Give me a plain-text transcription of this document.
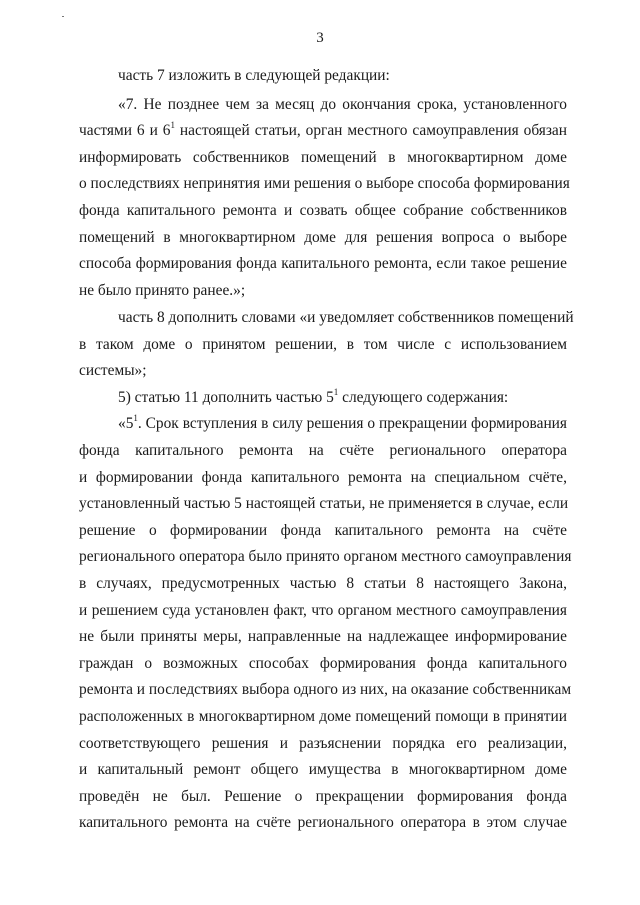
3
часть 7 изложить в следующей редакции:
«7. Не позднее чем за месяц до окончания срока, установленного
частями 6 и $6^1$ настоящей статьи, орган местного самоуправления обязан
информировать собственников помещений в многоквартирном доме
о последствиях непринятия ими решения о выборе способа формирования
фонда капитального ремонта и созвать общее собрание собственников
помещений в многоквартирном доме для решения вопроса о выборе
способа формирования фонда капитального ремонта, если такое решение
не было принято ранее.»;
часть 8 дополнить словами «и уведомляет собственников помещений
в таком доме о принятом решении, в том числе с использованием
системы»;
5) статью 11 дополнить частью $5^1$ следующего содержания:
«$5^1$. Срок вступления в силу решения о прекращении формирования
фонда капитального ремонта на счёте регионального оператора
и формировании фонда капитального ремонта на специальном счёте,
установленный частью 5 настоящей статьи, не применяется в случае, если
решение о формировании фонда капитального ремонта на счёте
регионального оператора было принято органом местного самоуправления
в случаях, предусмотренных частью 8 статьи 8 настоящего Закона,
и решением суда установлен факт, что органом местного самоуправления
не были приняты меры, направленные на надлежащее информирование
граждан о возможных способах формирования фонда капитального
ремонта и последствиях выбора одного из них, на оказание собственникам
расположенных в многоквартирном доме помещений помощи в принятии
соответствующего решения и разъяснении порядка его реализации,
и капитальный ремонт общего имущества в многоквартирном доме
проведён не был. Решение о прекращении формирования фонда
капитального ремонта на счёте регионального оператора в этом случае
